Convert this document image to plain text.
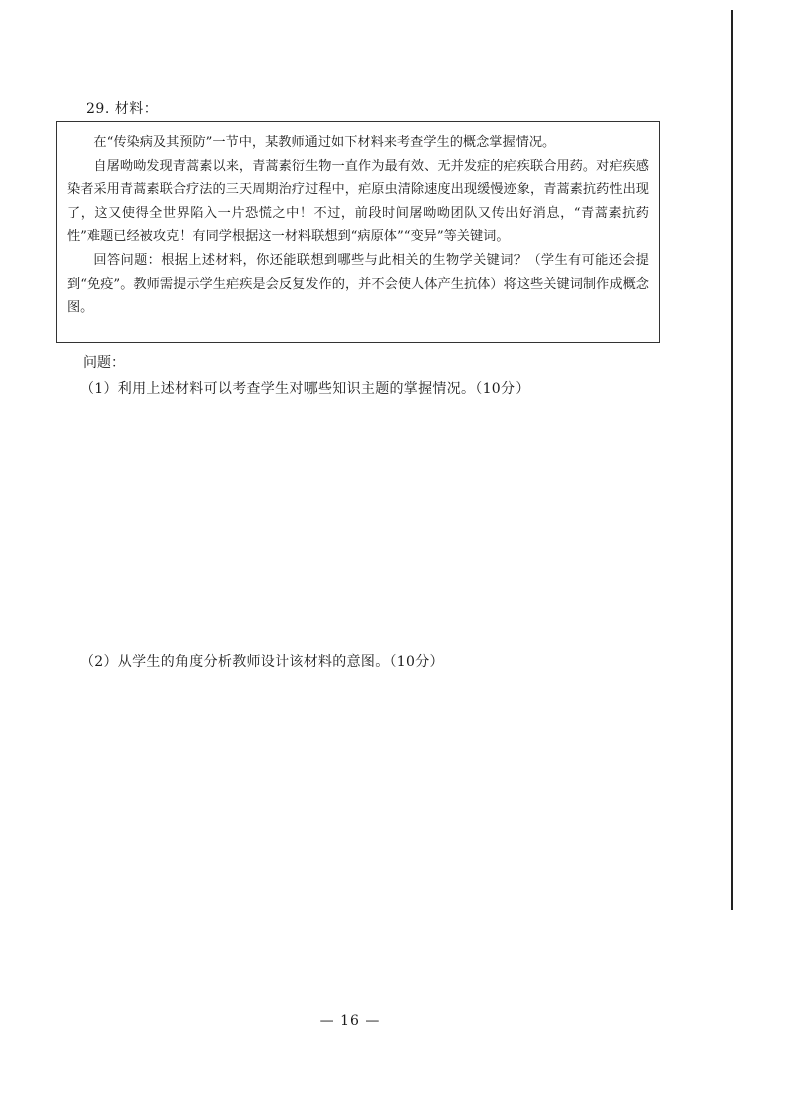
29. 材料：

在“传染病及其预防”一节中，某教师通过如下材料来考查学生的概念掌握情况。

自屠呦呦发现青蒿素以来，青蒿素衍生物一直作为最有效、无并发症的疟疾联合用药。对疟疾感染者采用青蒿素联合疗法的三天周期治疗过程中，疟原虫清除速度出现缓慢迹象，青蒿素抗药性出现了，这又使得全世界陷入一片恐慌之中！不过，前段时间屠呦呦团队又传出好消息，“青蒿素抗药性”难题已经被攻克！有同学根据这一材料联想到“病原体”“变异”等关键词。

回答问题：根据上述材料，你还能联想到哪些与此相关的生物学关键词？（学生有可能还会提到“免疫”。教师需提示学生疟疾是会反复发作的，并不会使人体产生抗体）将这些关键词制作成概念图。

问题：
（1）利用上述材料可以考查学生对哪些知识主题的掌握情况。（10分）
（2）从学生的角度分析教师设计该材料的意图。（10分）
— 16 —
